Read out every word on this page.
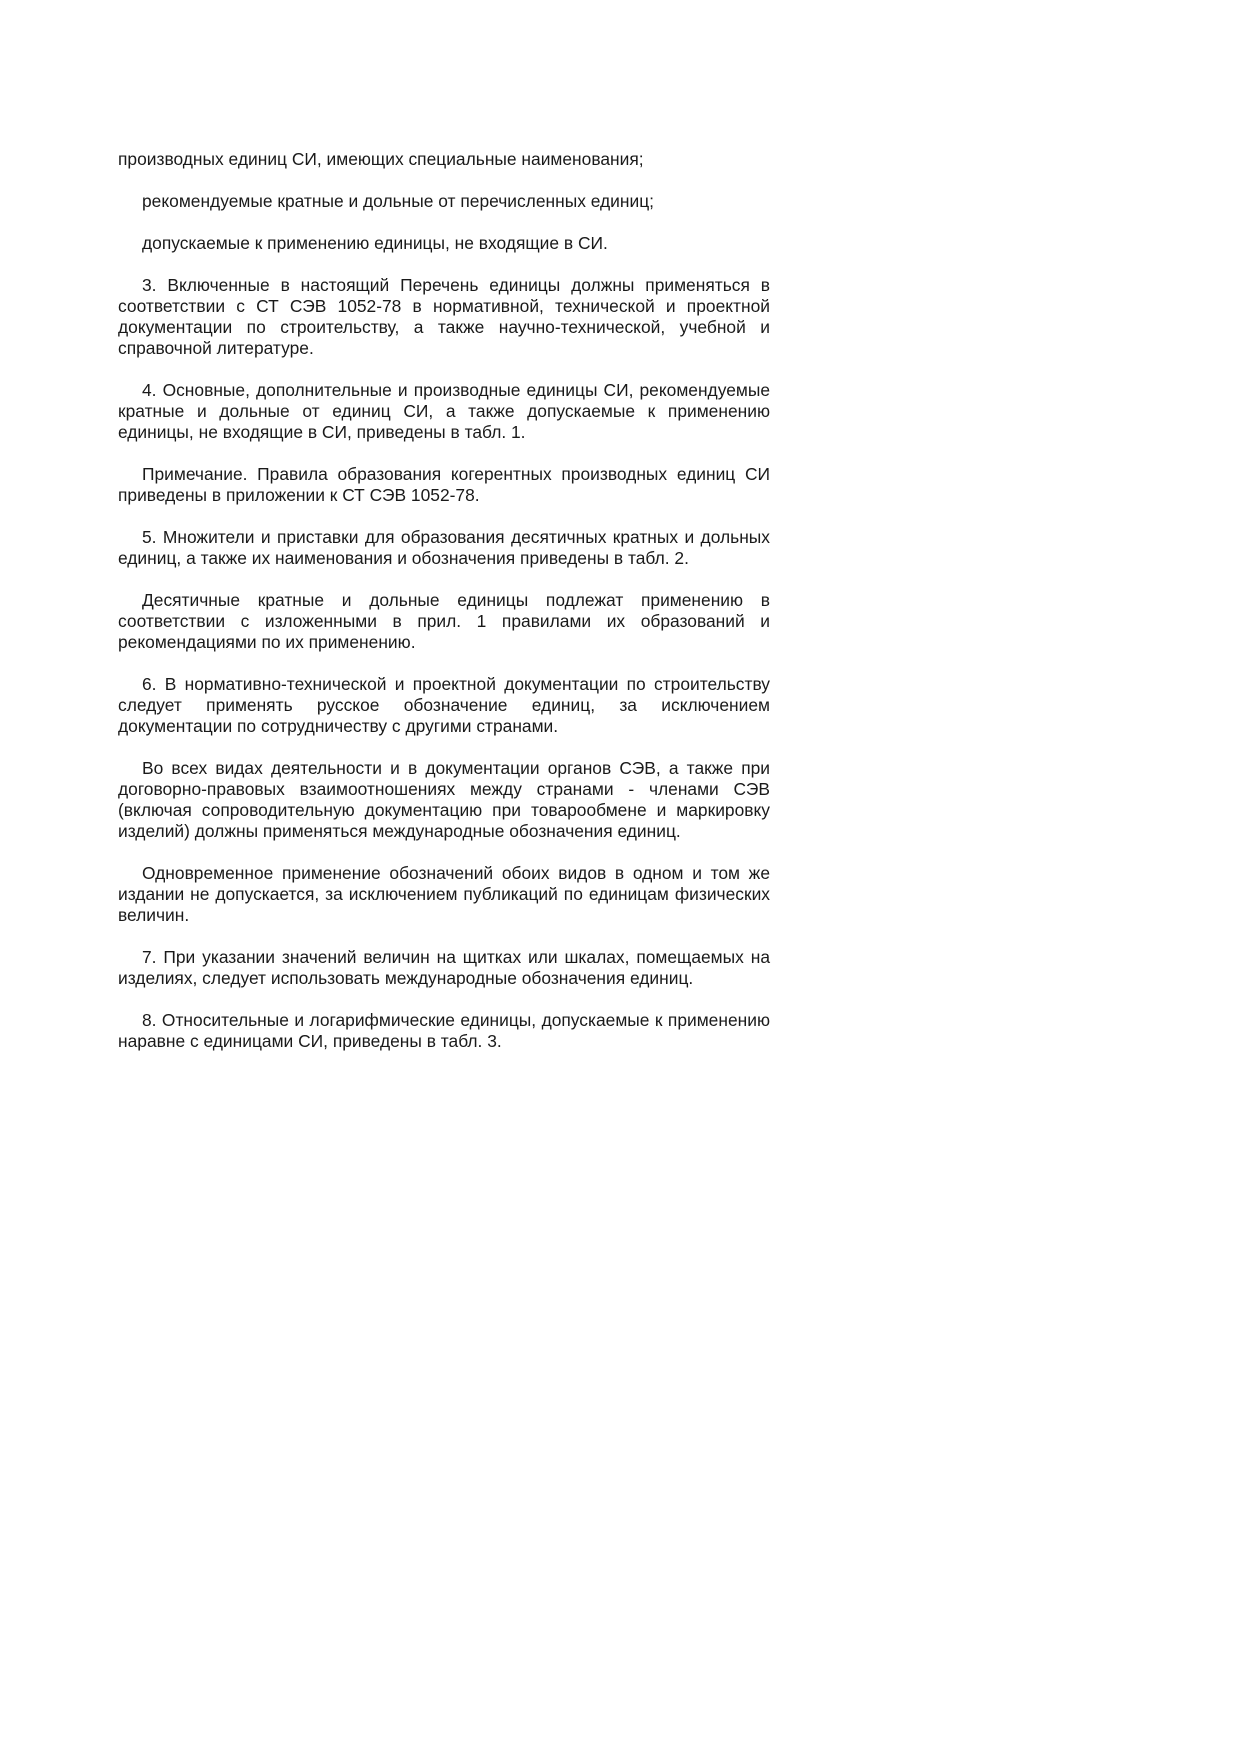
производных единиц СИ, имеющих специальные наименования;

рекомендуемые кратные и дольные от перечисленных единиц;

допускаемые к применению единицы, не входящие в СИ.

3. Включенные в настоящий Перечень единицы должны применяться в соответствии с СТ СЭВ 1052-78 в нормативной, технической и проектной документации по строительству, а также научно-технической, учебной и справочной литературе.

4. Основные, дополнительные и производные единицы СИ, рекомендуемые кратные и дольные от единиц СИ, а также допускаемые к применению единицы, не входящие в СИ, приведены в табл. 1.

Примечание. Правила образования когерентных производных единиц СИ приведены в приложении к СТ СЭВ 1052-78.

5. Множители и приставки для образования десятичных кратных и дольных единиц, а также их наименования и обозначения приведены в табл. 2.

Десятичные кратные и дольные единицы подлежат применению в соответствии с изложенными в прил. 1 правилами их образований и рекомендациями по их применению.

6. В нормативно-технической и проектной документации по строительству следует применять русское обозначение единиц, за исключением документации по сотрудничеству с другими странами.

Во всех видах деятельности и в документации органов СЭВ, а также при договорно-правовых взаимоотношениях между странами - членами СЭВ (включая сопроводительную документацию при товарообмене и маркировку изделий) должны применяться международные обозначения единиц.

Одновременное применение обозначений обоих видов в одном и том же издании не допускается, за исключением публикаций по единицам физических величин.

7. При указании значений величин на щитках или шкалах, помещаемых на изделиях, следует использовать международные обозначения единиц.

8. Относительные и логарифмические единицы, допускаемые к применению наравне с единицами СИ, приведены в табл. 3.
